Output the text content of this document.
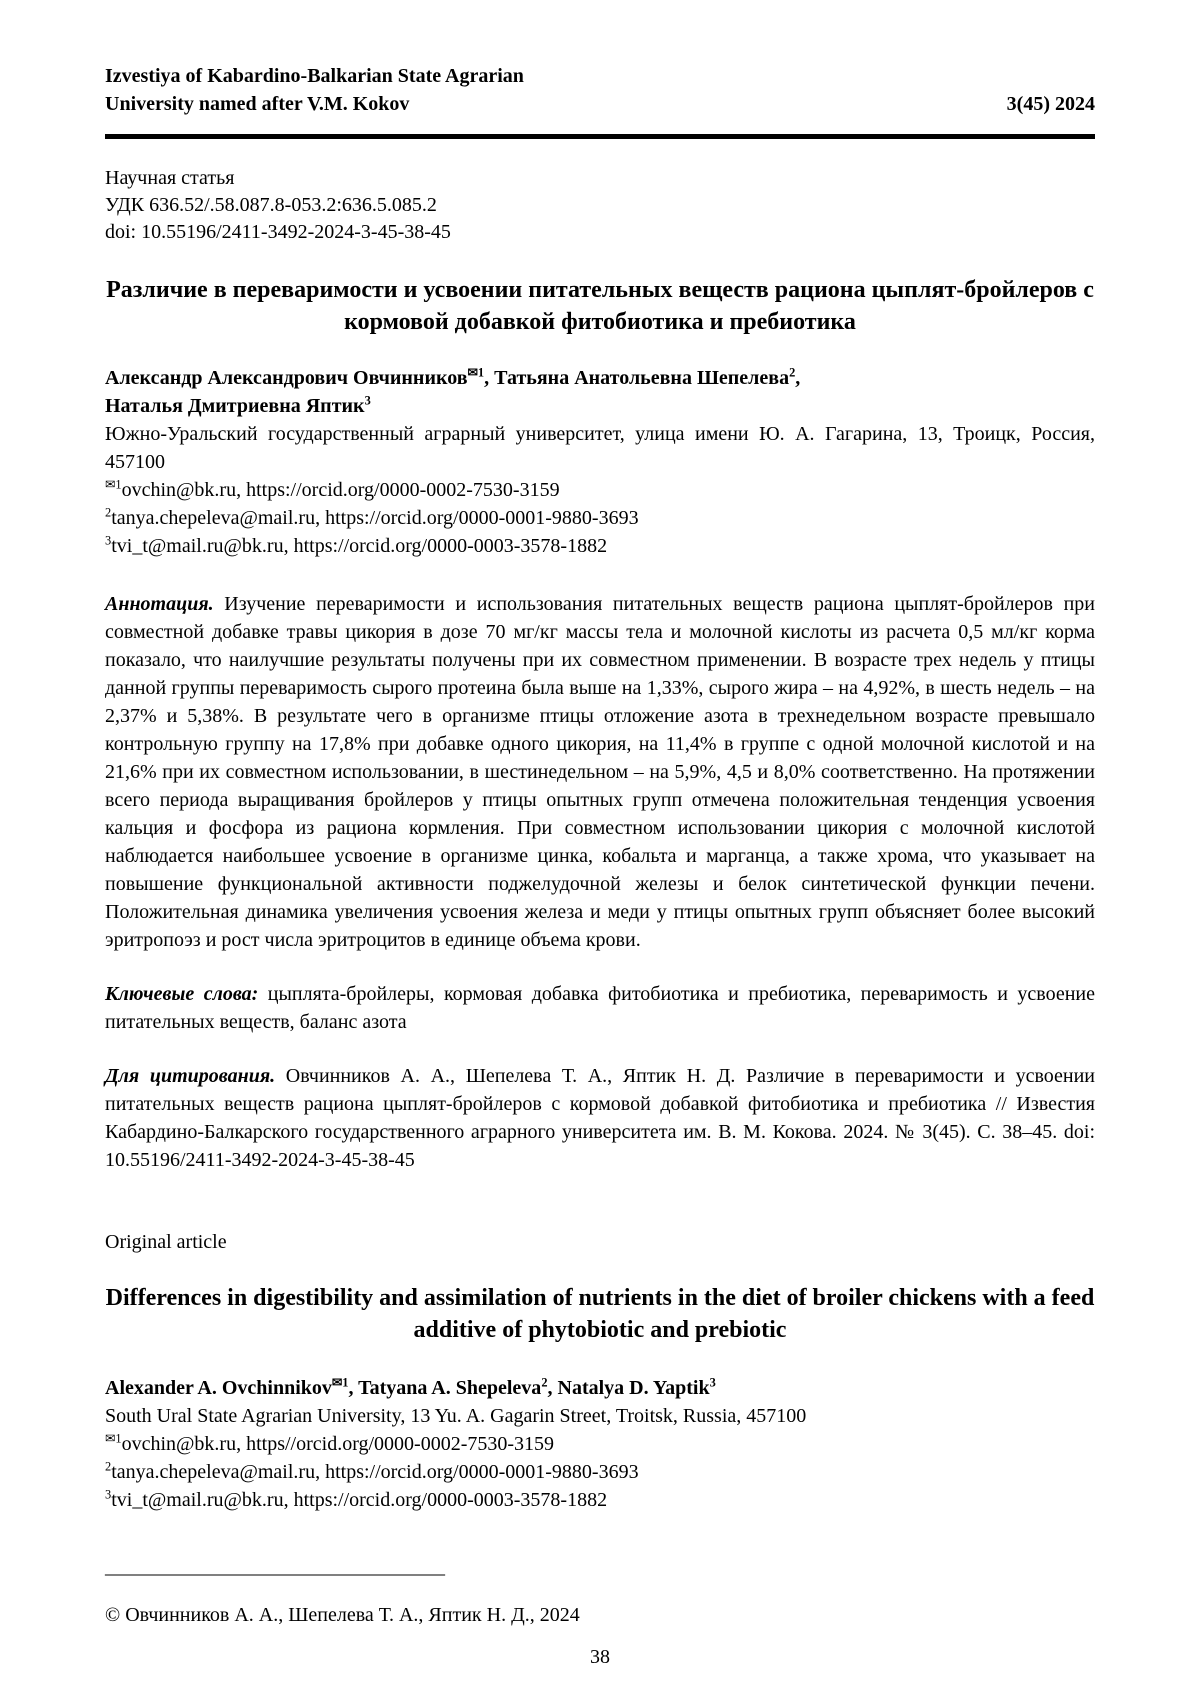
Izvestiya of Kabardino-Balkarian State Agrarian
University named after V.M. Kokov	3(45) 2024
Научная статья
УДК 636.52/.58.087.8-053.2:636.5.085.2
doi: 10.55196/2411-3492-2024-3-45-38-45
Различие в переваримости и усвоении питательных веществ рациона цыплят-бройлеров с кормовой добавкой фитобиотика и пребиотика
Александр Александрович Овчинников$^{✉1}$, Татьяна Анатольевна Шепелева$^2$,
Наталья Дмитриевна Яптик$^3$
Южно-Уральский государственный аграрный университет, улица имени Ю. А. Гагарина, 13, Троицк, Россия, 457100
$^{✉1}$ovchin@bk.ru, https://orcid.org/0000-0002-7530-3159
$^2$tanya.chepeleva@mail.ru, https://orcid.org/0000-0001-9880-3693
$^3$tvi_t@mail.ru@bk.ru, https://orcid.org/0000-0003-3578-1882
Аннотация. Изучение переваримости и использования питательных веществ рациона цыплят-бройлеров при совместной добавке травы цикория в дозе 70 мг/кг массы тела и молочной кислоты из расчета 0,5 мл/кг корма показало, что наилучшие результаты получены при их совместном применении. В возрасте трех недель у птицы данной группы переваримость сырого протеина была выше на 1,33%, сырого жира – на 4,92%, в шесть недель – на 2,37% и 5,38%. В результате чего в организме птицы отложение азота в трехнедельном возрасте превышало контрольную группу на 17,8% при добавке одного цикория, на 11,4% в группе с одной молочной кислотой и на 21,6% при их совместном использовании, в шестинедельном – на 5,9%, 4,5 и 8,0% соответственно. На протяжении всего периода выращивания бройлеров у птицы опытных групп отмечена положительная тенденция усвоения кальция и фосфора из рациона кормления. При совместном использовании цикория с молочной кислотой наблюдается наибольшее усвоение в организме цинка, кобальта и марганца, а также хрома, что указывает на повышение функциональной активности поджелудочной железы и белок синтетической функции печени. Положительная динамика увеличения усвоения железа и меди у птицы опытных групп объясняет более высокий эритропоэз и рост числа эритроцитов в единице объема крови.
Ключевые слова: цыплята-бройлеры, кормовая добавка фитобиотика и пребиотика, переваримость и усвоение питательных веществ, баланс азота
Для цитирования. Овчинников А. А., Шепелева Т. А., Яптик Н. Д. Различие в переваримости и усвоении питательных веществ рациона цыплят-бройлеров с кормовой добавкой фитобиотика и пребиотика // Известия Кабардино-Балкарского государственного аграрного университета им. В. М. Кокова. 2024. № 3(45). С. 38–45. doi: 10.55196/2411-3492-2024-3-45-38-45
Original article
Differences in digestibility and assimilation of nutrients in the diet of broiler chickens with a feed additive of phytobiotic and prebiotic
Alexander A. Ovchinnikov$^{✉1}$, Tatyana A. Shepeleva$^2$, Natalya D. Yaptik$^3$
South Ural State Agrarian University, 13 Yu. A. Gagarin Street, Troitsk, Russia, 457100
$^{✉1}$ovchin@bk.ru, https//orcid.org/0000-0002-7530-3159
$^2$tanya.chepeleva@mail.ru, https://orcid.org/0000-0001-9880-3693
$^3$tvi_t@mail.ru@bk.ru, https://orcid.org/0000-0003-3578-1882
__________________________________
© Овчинников А. А., Шепелева Т. А., Яптик Н. Д., 2024
38
